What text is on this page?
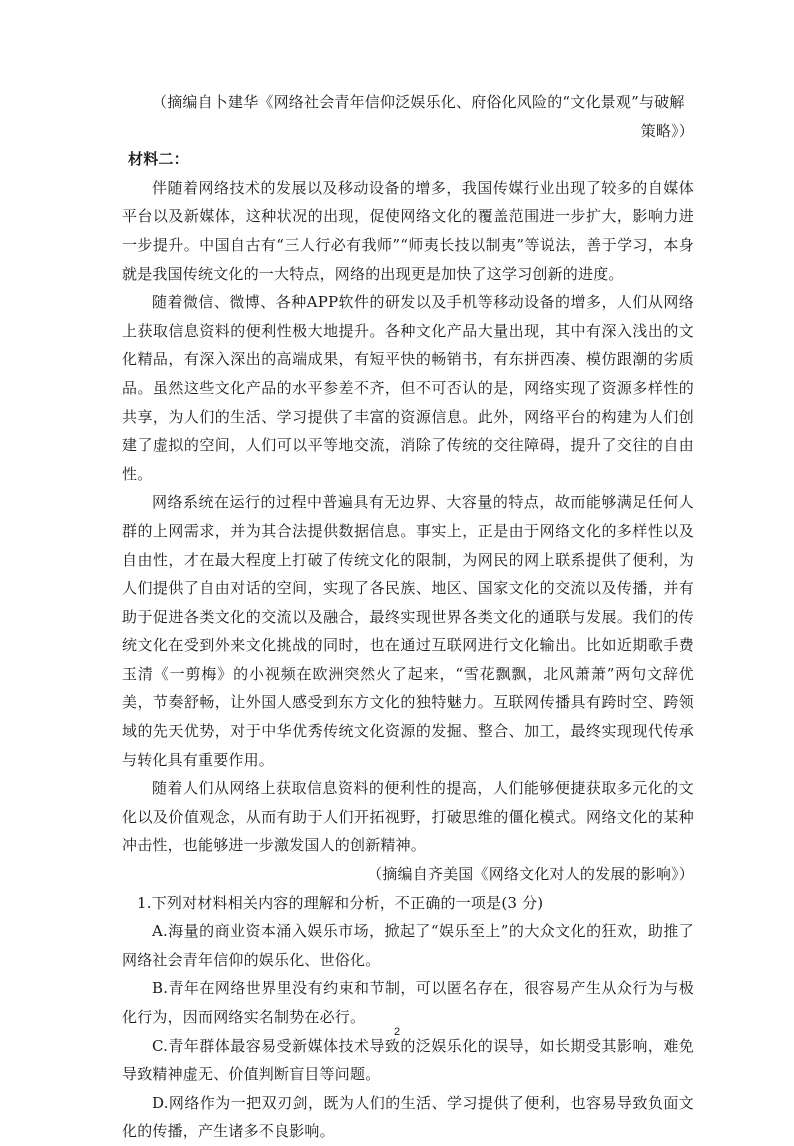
（摘编自卜建华《网络社会青年信仰泛娱乐化、府俗化风险的“文化景观”与破解

策略》）

材料二：

伴随着网络技术的发展以及移动设备的增多，我国传媒行业出现了较多的自媒体平台以及新媒体，这种状况的出现，促使网络文化的覆盖范围进一步扩大，影响力进一步提升。中国自古有“三人行必有我师”“师夷长技以制夷”等说法，善于学习，本身就是我国传统文化的一大特点，网络的出现更是加快了这学习创新的进度。

随着微信、微博、各种APP软件的研发以及手机等移动设备的增多，人们从网络上获取信息资料的便利性极大地提升。各种文化产品大量出现，其中有深入浅出的文化精品，有深入深出的高端成果，有短平快的畅销书，有东拼西凑、模仿跟潮的劣质品。虽然这些文化产品的水平参差不齐，但不可否认的是，网络实现了资源多样性的共享，为人们的生活、学习提供了丰富的资源信息。此外，网络平台的构建为人们创建了虚拟的空间，人们可以平等地交流，消除了传统的交往障碍，提升了交往的自由性。

网络系统在运行的过程中普遍具有无边界、大容量的特点，故而能够满足任何人群的上网需求，并为其合法提供数据信息。事实上，正是由于网络文化的多样性以及自由性，才在最大程度上打破了传统文化的限制，为网民的网上联系提供了便利，为人们提供了自由对话的空间，实现了各民族、地区、国家文化的交流以及传播，并有助于促进各类文化的交流以及融合，最终实现世界各类文化的通联与发展。我们的传统文化在受到外来文化挑战的同时，也在通过互联网进行文化输出。比如近期歌手费玉清《一剪梅》的小视频在欧洲突然火了起来，“雪花飘飘，北风萧萧”两句文辞优美，节奏舒畅，让外国人感受到东方文化的独特魅力。互联网传播具有跨时空、跨领域的先天优势，对于中华优秀传统文化资源的发掘、整合、加工，最终实现现代传承与转化具有重要作用。

随着人们从网络上获取信息资料的便利性的提高，人们能够便捷获取多元化的文化以及价值观念，从而有助于人们开拓视野，打破思维的僵化模式。网络文化的某种冲击性，也能够进一步激发国人的创新精神。

（摘编自齐美国《网络文化对人的发展的影响》）

1.下列对材料相关内容的理解和分析，不正确的一项是(3 分)

A.海量的商业资本涌入娱乐市场，掀起了“娱乐至上”的大众文化的狂欢，助推了网络社会青年信仰的娱乐化、世俗化。

B.青年在网络世界里没有约束和节制，可以匿名存在，很容易产生从众行为与极化行为，因而网络实名制势在必行。

C.青年群体最容易受新媒体技术导致的泛娱乐化的误导，如长期受其影响，难免导致精神虚无、价值判断盲目等问题。

D.网络作为一把双刃剑，既为人们的生活、学习提供了便利，也容易导致负面文化的传播，产生诸多不良影响。

2
